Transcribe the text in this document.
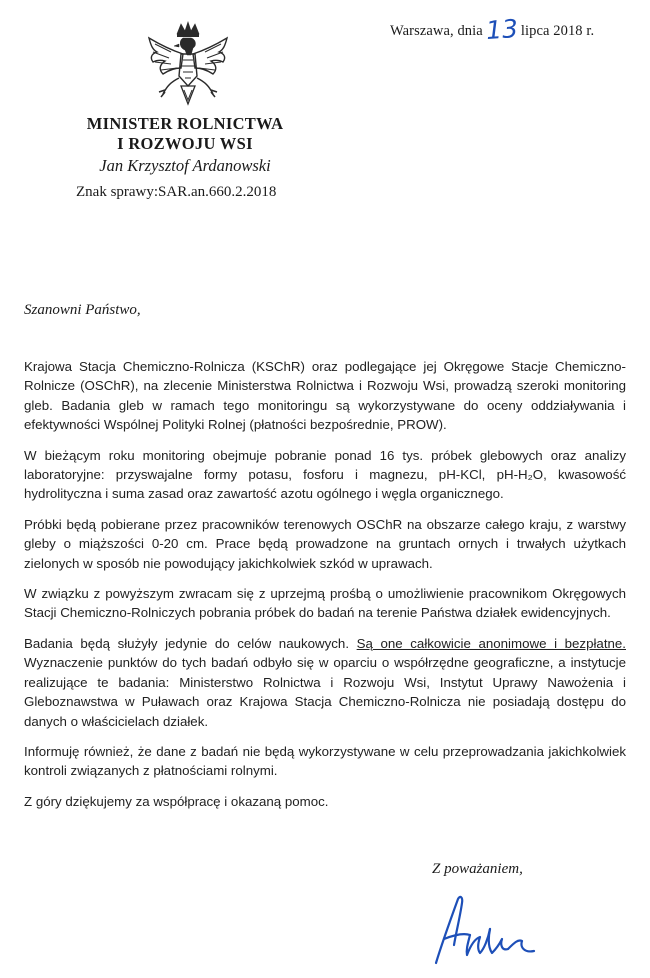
Warszawa, dnia13 lipca 2018 r.
MINISTER ROLNICTWA
I ROZWOJU WSI
Jan Krzysztof Ardanowski
Znak sprawy:SAR.an.660.2.2018
Szanowni Państwo,

Krajowa Stacja Chemiczno-Rolnicza (KSChR) oraz podlegające jej Okręgowe Stacje Chemiczno-Rolnicze (OSChR), na zlecenie Ministerstwa Rolnictwa i Rozwoju Wsi, prowadzą szeroki monitoring gleb. Badania gleb w ramach tego monitoringu są wykorzystywane do oceny oddziaływania i efektywności Wspólnej Polityki Rolnej (płatności bezpośrednie, PROW).

W bieżącym roku monitoring obejmuje pobranie ponad 16 tys. próbek glebowych oraz analizy laboratoryjne: przyswajalne formy potasu, fosforu i magnezu, pH-KCl, pH-H₂O, kwasowość hydrolityczna i suma zasad oraz zawartość azotu ogólnego i węgla organicznego.

Próbki będą pobierane przez pracowników terenowych OSChR na obszarze całego kraju, z warstwy gleby o miąższości 0-20 cm. Prace będą prowadzone na gruntach ornych i trwałych użytkach zielonych w sposób nie powodujący jakichkolwiek szkód w uprawach.

W związku z powyższym zwracam się z uprzejmą prośbą o umożliwienie pracownikom Okręgowych Stacji Chemiczno-Rolniczych pobrania próbek do badań na terenie Państwa działek ewidencyjnych.

Badania będą służyły jedynie do celów naukowych. Są one całkowicie anonimowe i bezpłatne. Wyznaczenie punktów do tych badań odbyło się w oparciu o współrzędne geograficzne, a instytucje realizujące te badania: Ministerstwo Rolnictwa i Rozwoju Wsi, Instytut Uprawy Nawożenia i Gleboznawstwa w Puławach oraz Krajowa Stacja Chemiczno-Rolnicza nie posiadają dostępu do danych o właścicielach działek.

Informuję również, że dane z badań nie będą wykorzystywane w celu przeprowadzania jakichkolwiek kontroli związanych z płatnościami rolnymi.

Z góry dziękujemy za współpracę i okazaną pomoc.

Z poważaniem,
